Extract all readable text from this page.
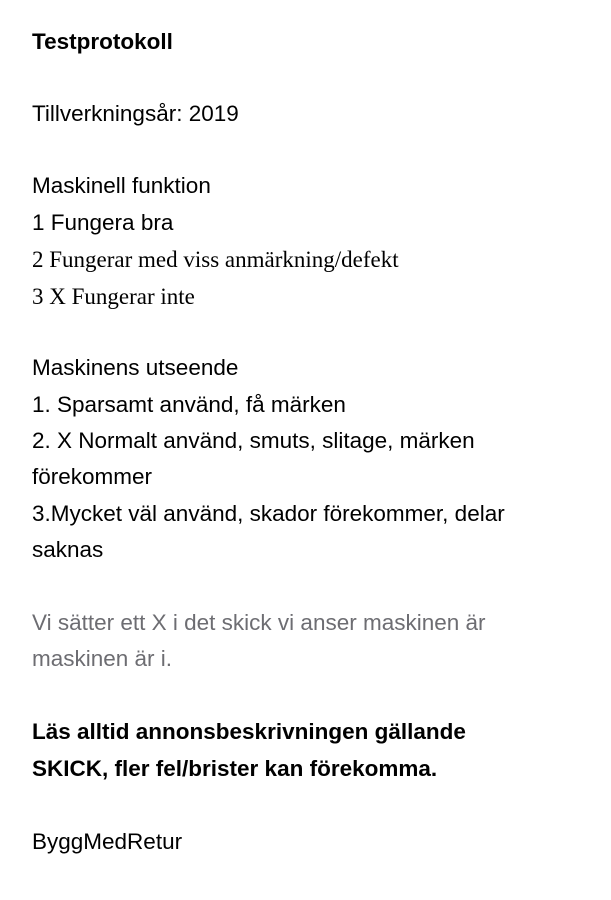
Testprotokoll
Tillverkningsår: 2019
Maskinell funktion
1 Fungera bra
2 Fungerar med viss anmärkning/defekt
3 X Fungerar inte
Maskinens utseende
1. Sparsamt använd, få märken
2. X Normalt använd, smuts, slitage, märken
förekommer
3.Mycket väl använd, skador förekommer, delar
saknas
Vi sätter ett X i det skick vi anser maskinen är
maskinen är i.
Läs alltid annonsbeskrivningen gällande
SKICK, fler fel/brister kan förekomma.
ByggMedRetur
